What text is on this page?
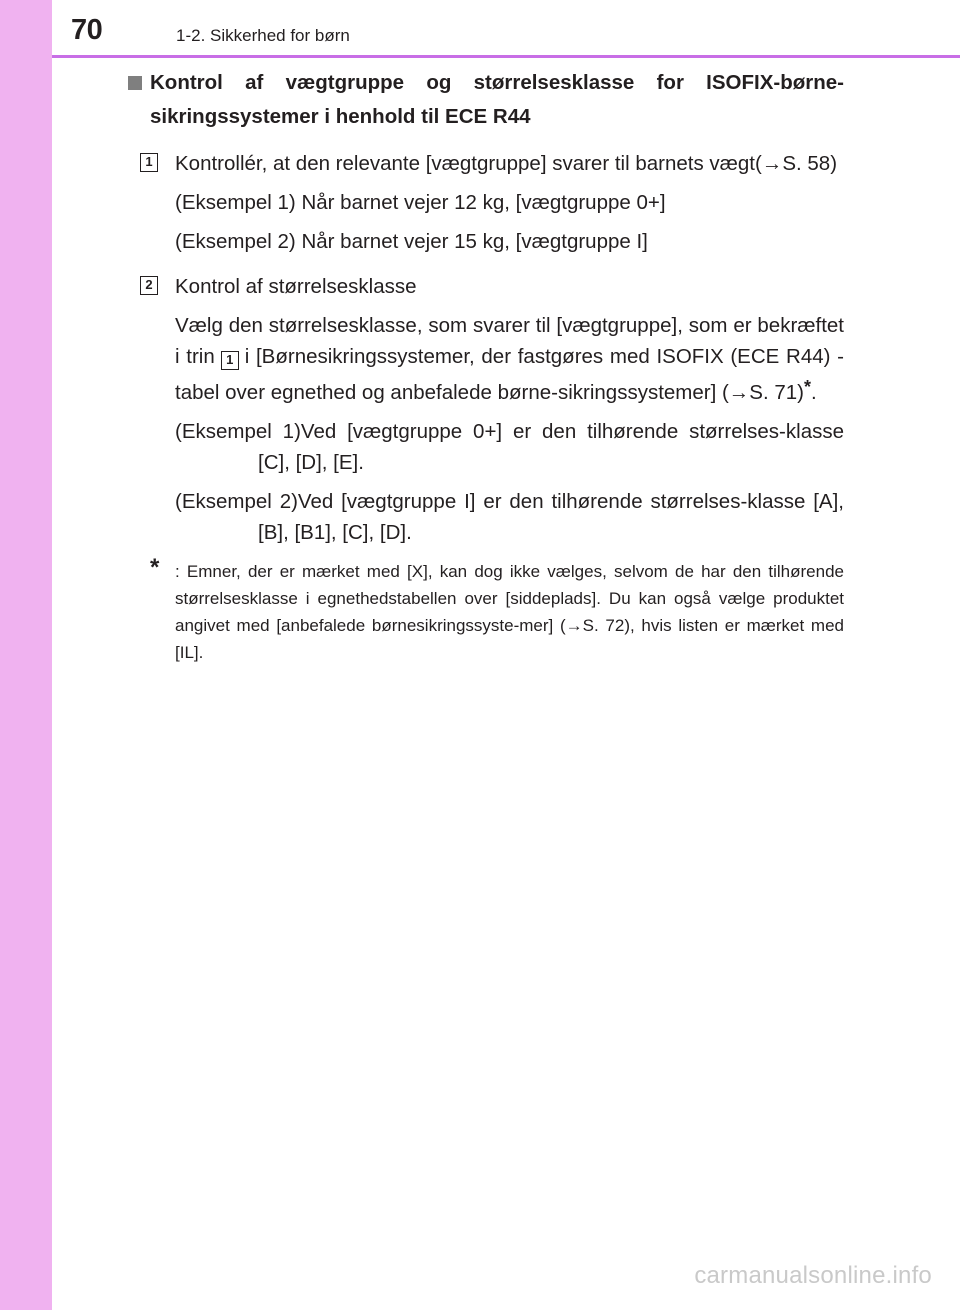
70	1-2. Sikkerhed for børn
Kontrol af vægtgruppe og størrelsesklasse for ISOFIX-børne-sikringssystemer i henhold til ECE R44
1 Kontrollér, at den relevante [vægtgruppe] svarer til barnets vægt(→S. 58)

(Eksempel 1) Når barnet vejer 12 kg, [vægtgruppe 0+]

(Eksempel 2) Når barnet vejer 15 kg, [vægtgruppe I]

2 Kontrol af størrelsesklasse

Vælg den størrelsesklasse, som svarer til [vægtgruppe], som er bekræftet i trin 1 i [Børnesikringssystemer, der fastgøres med ISOFIX (ECE R44) - tabel over egnethed og anbefalede børne-sikringssystemer] (→S. 71)*.

(Eksempel 1)Ved [vægtgruppe 0+] er den tilhørende størrelses-klasse [C], [D], [E].

(Eksempel 2)Ved [vægtgruppe I] er den tilhørende størrelses-klasse [A], [B], [B1], [C], [D].

* : Emner, der er mærket med [X], kan dog ikke vælges, selvom de har den tilhørende størrelsesklasse i egnethedstabellen over [siddeplads]. Du kan også vælge produktet angivet med [anbefalede børnesikringssyste-mer] (→S. 72), hvis listen er mærket med [IL].
carmanualsonline.info
